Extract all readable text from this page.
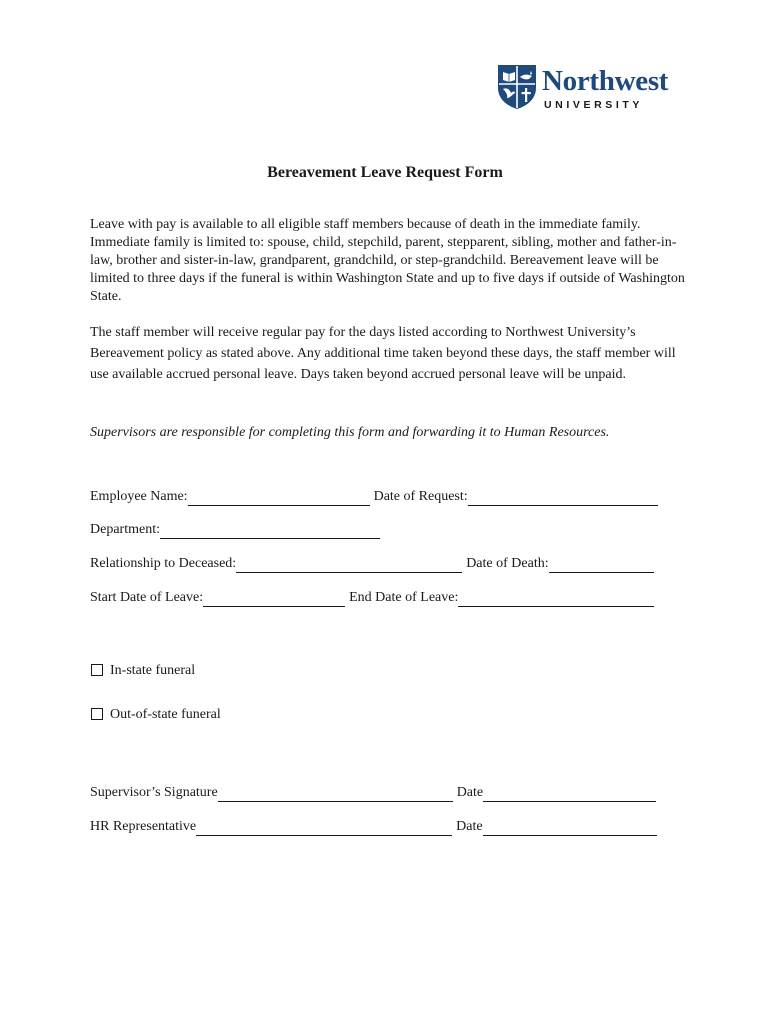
Northwest
UNIVERSITY
Bereavement Leave Request Form

Leave with pay is available to all eligible staff members because of death in the immediate family. Immediate family is limited to: spouse, child, stepchild, parent, stepparent, sibling, mother and father-in-law, brother and sister-in-law, grandparent, grandchild, or step-grandchild. Bereavement leave will be limited to three days if the funeral is within Washington State and up to five days if outside of Washington State.

The staff member will receive regular pay for the days listed according to Northwest University’s Bereavement policy as stated above. Any additional time taken beyond these days, the staff member will use available accrued personal leave. Days taken beyond accrued personal leave will be unpaid.

Supervisors are responsible for completing this form and forwarding it to Human Resources.

Employee Name:	Date of Request:
Department:
Relationship to Deceased:	Date of Death:
Start Date of Leave:	End Date of Leave:
In-state funeral
Out-of-state funeral
Supervisor’s Signature	Date
HR Representative	Date
